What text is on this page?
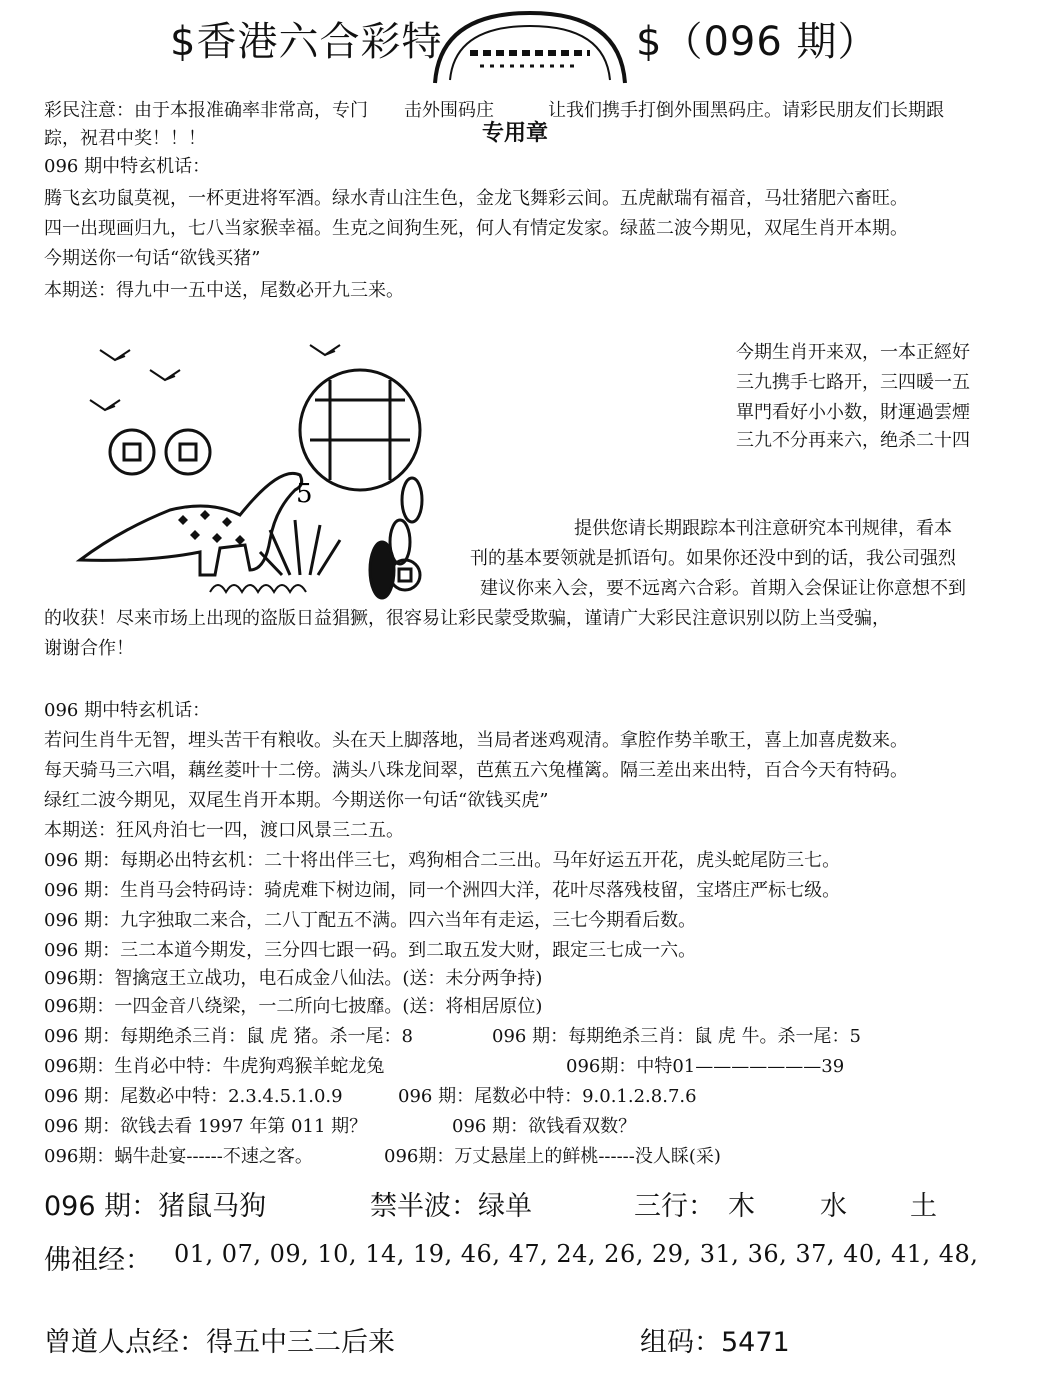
$香港六合彩特	$（096 期）
专用章
彩民注意：由于本报准确率非常高，专门 击外围码庄	让我们携手打倒外围黑码庄。请彩民朋友们长期跟
踪，祝君中奖！！！
096 期中特玄机话：
腾飞玄功鼠莫视，一杯更进将军酒。绿水青山注生色，金龙飞舞彩云间。五虎献瑞有福音，马壮猪肥六畜旺。
四一出现画归九，七八当家猴幸福。生克之间狗生死，何人有情定发家。绿蓝二波今期见，双尾生肖开本期。
今期送你一句话“欲钱买猪”
本期送：得九中一五中送，尾数必开九三来。
5
今期生肖开来双，一本正經好
三九携手七路开，三四暖一五
單門看好小小数，財運過雲煙
三九不分再来六，绝杀二十四
提供您请长期跟踪本刊注意研究本刊规律，看本
刊的基本要领就是抓语句。如果你还没中到的话，我公司强烈
建议你来入会，要不远离六合彩。首期入会保证让你意想不到
的收获！尽来市场上出现的盗版日益猖獗，很容易让彩民蒙受欺骗，谨请广大彩民注意识别以防上当受骗，
谢谢合作！
096 期中特玄机话：
若问生肖牛无智，埋头苦干有粮收。头在天上脚落地，当局者迷鸡观清。拿腔作势羊歌王，喜上加喜虎数来。
每天骑马三六唱，藕丝菱叶十二傍。满头八珠龙间翠，芭蕉五六兔槿篱。隔三差出来出特，百合今天有特码。
绿红二波今期见，双尾生肖开本期。今期送你一句话“欲钱买虎”
本期送：狂风舟泊七一四，渡口风景三二五。
096 期：每期必出特玄机：二十将出伴三七，鸡狗相合二三出。马年好运五开花，虎头蛇尾防三七。
096 期：生肖马会特码诗：骑虎难下树边闹，同一个洲四大洋，花叶尽落残枝留，宝塔庄严标七级。
096 期：九字独取二来合，二八丁配五不满。四六当年有走运，三七今期看后数。
096 期：三二本道今期发，三分四七跟一码。到二取五发大财，跟定三七成一六。
096期：智擒寇王立战功，电石成金八仙法。(送：未分两争持)
096期：一四金音八绕梁，一二所向七披靡。(送：将相居原位)
096 期：每期绝杀三肖：鼠 虎 猪。杀一尾：8	096 期：每期绝杀三肖：鼠 虎 牛。杀一尾：5
096期：生肖必中特：牛虎狗鸡猴羊蛇龙兔	096期：中特01———————39
096 期：尾数必中特：2.3.4.5.1.0.9	096 期：尾数必中特：9.0.1.2.8.7.6
096 期：欲钱去看 1997 年第 011 期？	096 期：欲钱看双数？
096期：蜗牛赴宴------不速之客。	096期：万丈悬崖上的鲜桃------没人睬(采)
096 期：猪鼠马狗	禁半波：绿单	三行： 木 水 土
佛祖经： 01, 07, 09, 10, 14, 19, 46, 47, 24, 26, 29, 31, 36, 37, 40, 41, 48,
曾道人点经：得五中三二后来	组码：5471
